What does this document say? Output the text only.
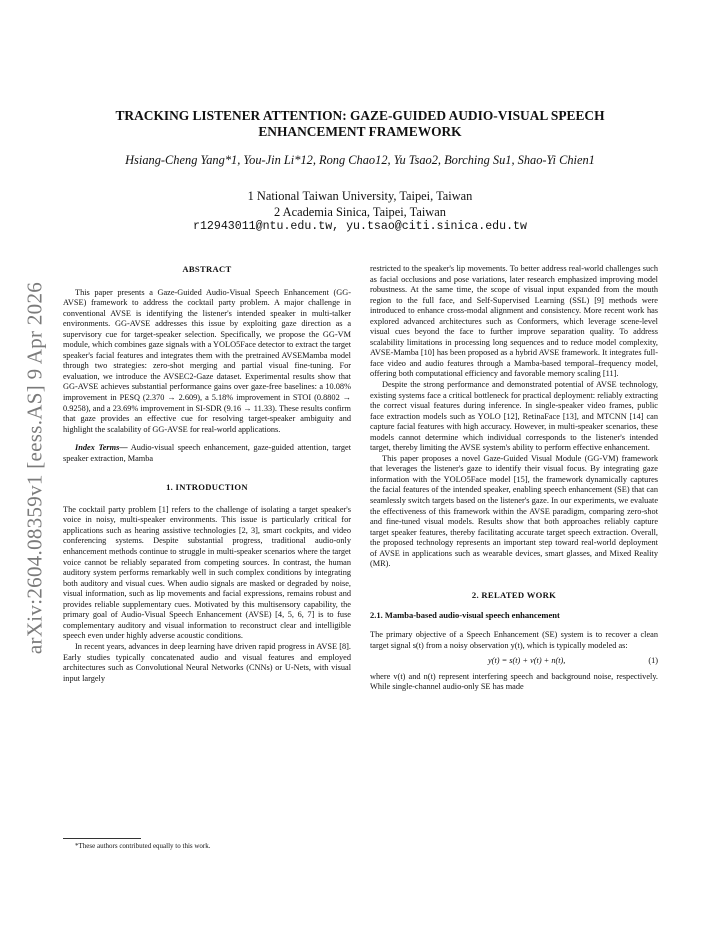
arXiv:2604.08359v1 [eess.AS] 9 Apr 2026
TRACKING LISTENER ATTENTION: GAZE-GUIDED AUDIO-VISUAL SPEECH
ENHANCEMENT FRAMEWORK
Hsiang-Cheng Yang*1, You-Jin Li*12, Rong Chao12, Yu Tsao2, Borching Su1, Shao-Yi Chien1
1 National Taiwan University, Taipei, Taiwan
2 Academia Sinica, Taipei, Taiwan
r12943011@ntu.edu.tw, yu.tsao@citi.sinica.edu.tw
ABSTRACT

This paper presents a Gaze-Guided Audio-Visual Speech Enhancement (GG-AVSE) framework to address the cocktail party problem. A major challenge in conventional AVSE is identifying the listener's intended speaker in multi-talker environments. GG-AVSE addresses this issue by exploiting gaze direction as a supervisory cue for target-speaker selection. Specifically, we propose the GG-VM module, which combines gaze signals with a YOLO5Face detector to extract the target speaker's facial features and integrates them with the pretrained AVSEMamba model through two strategies: zero-shot merging and partial visual fine-tuning. For evaluation, we introduce the AVSEC2-Gaze dataset. Experimental results show that GG-AVSE achieves substantial performance gains over gaze-free baselines: a 10.08% improvement in PESQ (2.370 → 2.609), a 5.18% improvement in STOI (0.8802 → 0.9258), and a 23.69% improvement in SI-SDR (9.16 → 11.33). These results confirm that gaze provides an effective cue for resolving target-speaker ambiguity and highlight the scalability of GG-AVSE for real-world applications.

Index Terms— Audio-visual speech enhancement, gaze-guided attention, target speaker extraction, Mamba

1. INTRODUCTION

The cocktail party problem [1] refers to the challenge of isolating a target speaker's voice in noisy, multi-speaker environments. This issue is particularly critical for applications such as hearing assistive technologies [2, 3], smart cockpits, and video conferencing systems. Despite substantial progress, traditional audio-only enhancement methods continue to struggle in multi-speaker scenarios where the target voice cannot be reliably separated from competing sources. In contrast, the human auditory system performs remarkably well in such complex conditions by integrating both auditory and visual cues. When audio signals are masked or degraded by noise, visual information, such as lip movements and facial expressions, remains robust and provides reliable supplementary cues. Motivated by this multisensory capability, the primary goal of Audio-Visual Speech Enhancement (AVSE) [4, 5, 6, 7] is to fuse complementary auditory and visual information to reconstruct clear and intelligible speech even under highly adverse acoustic conditions.

In recent years, advances in deep learning have driven rapid progress in AVSE [8]. Early studies typically concatenated audio and visual features and employed architectures such as Convolutional Neural Networks (CNNs) or U-Nets, with visual input largely

*These authors contributed equally to this work.

restricted to the speaker's lip movements. To better address real-world challenges such as facial occlusions and pose variations, later research emphasized improving model robustness. At the same time, the scope of visual input expanded from the mouth region to the full face, and Self-Supervised Learning (SSL) [9] methods were introduced to enhance cross-modal alignment and consistency. More recent work has explored advanced architectures such as Conformers, which leverage scene-level visual cues beyond the face to further improve separation quality. To address scalability limitations in processing long sequences and to reduce model complexity, AVSE-Mamba [10] has been proposed as a hybrid AVSE framework. It integrates full-face video and audio features through a Mamba-based temporal–frequency model, offering both computational efficiency and favorable memory scaling [11].

Despite the strong performance and demonstrated potential of AVSE technology, existing systems face a critical bottleneck for practical deployment: reliably extracting the correct visual features during inference. In single-speaker video frames, public face extraction models such as YOLO [12], RetinaFace [13], and MTCNN [14] can capture facial features with high accuracy. However, in multi-speaker scenarios, these models cannot determine which individual corresponds to the listener's intended target, thereby limiting the AVSE system's ability to perform effective enhancement.

This paper proposes a novel Gaze-Guided Visual Module (GG-VM) framework that leverages the listener's gaze to identify their visual focus. By integrating gaze information with the YOLO5Face model [15], the framework dynamically captures the facial features of the intended speaker, enabling speech enhancement (SE) that can seamlessly switch targets based on the listener's gaze. In our experiments, we evaluate the effectiveness of this framework within the AVSE paradigm, comparing zero-shot and fine-tuned visual models. Results show that both approaches reliably capture target speaker features, thereby facilitating accurate target speech extraction. Overall, the proposed technology represents an important step toward real-world deployment of AVSE in applications such as wearable devices, smart glasses, and Mixed Reality (MR).

2. RELATED WORK
2.1. Mamba-based audio-visual speech enhancement

The primary objective of a Speech Enhancement (SE) system is to recover a clean target signal s(t) from a noisy observation y(t), which is typically modeled as:

y(t) = s(t) + v(t) + n(t),	(1)

where v(t) and n(t) represent interfering speech and background noise, respectively. While single-channel audio-only SE has made
